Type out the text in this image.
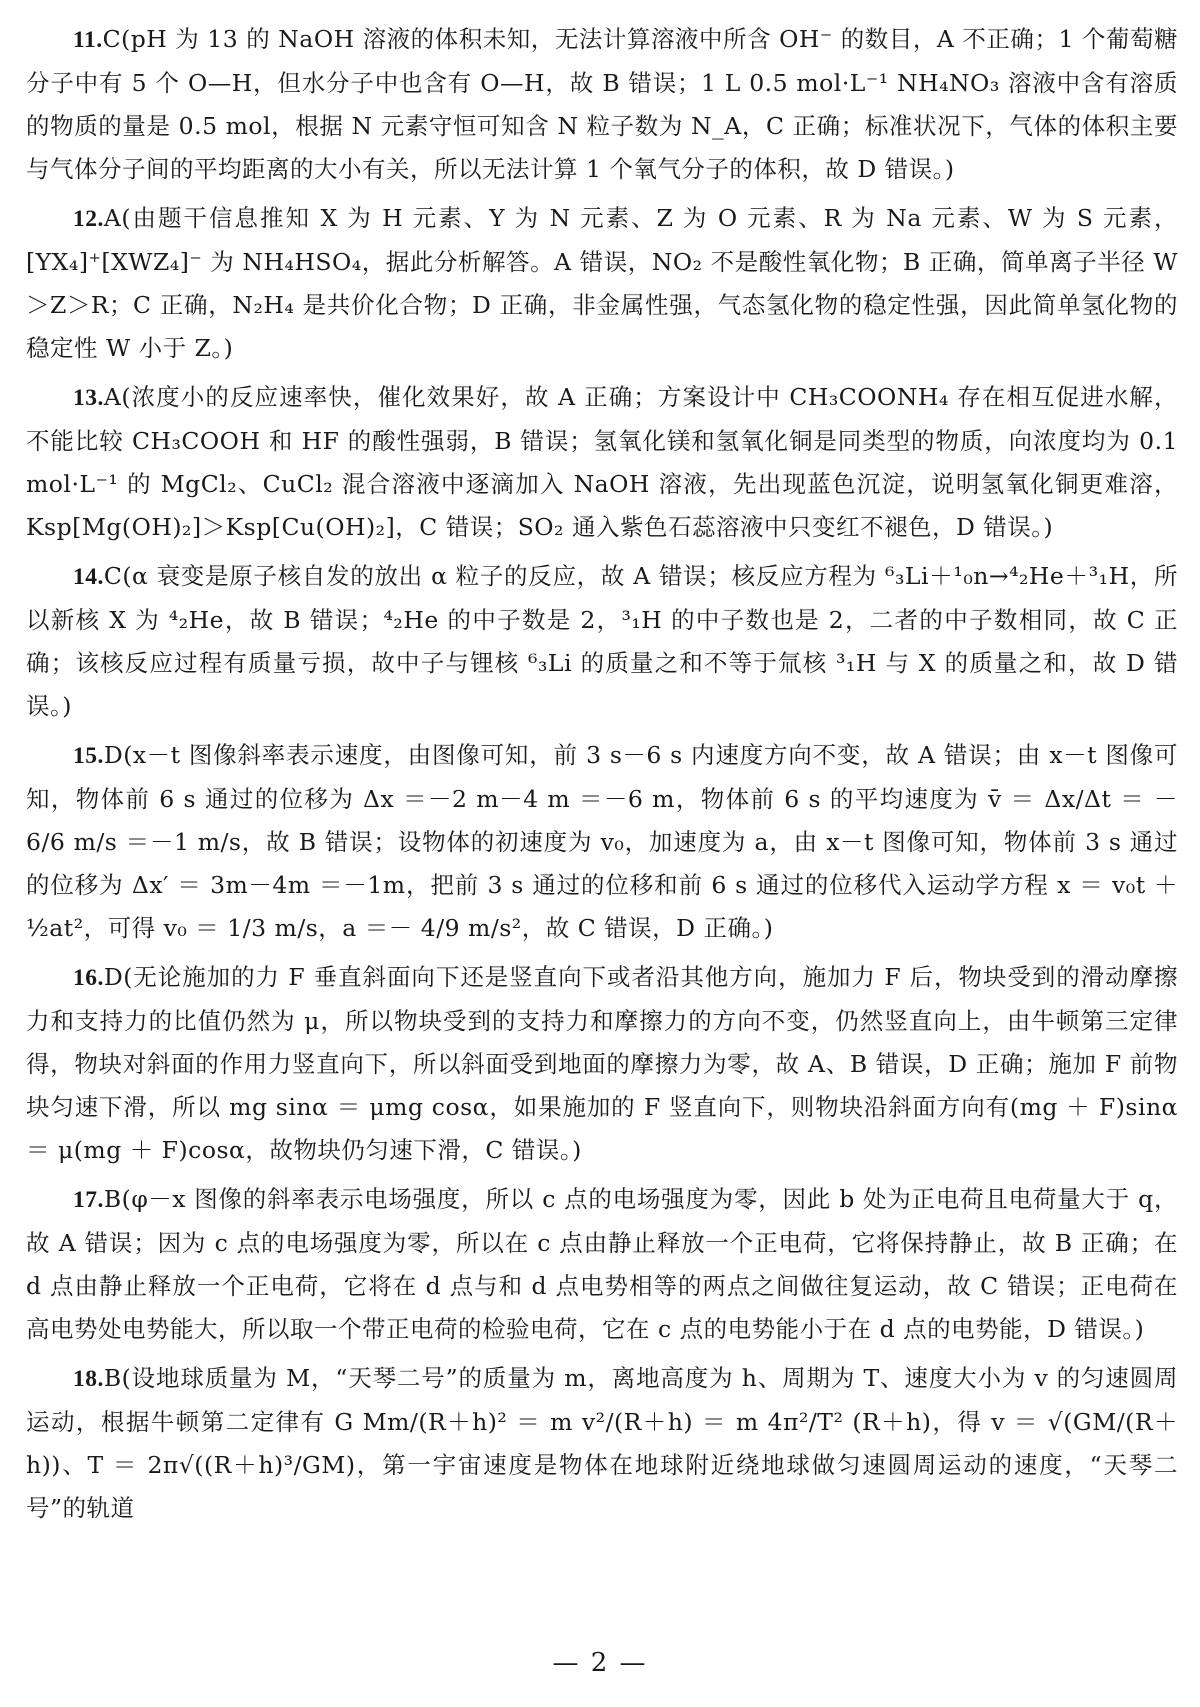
11.C(pH 为 13 的 NaOH 溶液的体积未知，无法计算溶液中所含 OH⁻ 的数目，A 不正确；1 个葡萄糖分子中有 5 个 O—H，但水分子中也含有 O—H，故 B 错误；1 L 0.5 mol·L⁻¹ NH₄NO₃ 溶液中含有溶质的物质的量是 0.5 mol，根据 N 元素守恒可知含 N 粒子数为 N_A，C 正确；标准状况下，气体的体积主要与气体分子间的平均距离的大小有关，所以无法计算 1 个氧气分子的体积，故 D 错误。)

12.A(由题干信息推知 X 为 H 元素、Y 为 N 元素、Z 为 O 元素、R 为 Na 元素、W 为 S 元素，[YX₄]⁺[XWZ₄]⁻ 为 NH₄HSO₄，据此分析解答。A 错误，NO₂ 不是酸性氧化物；B 正确，简单离子半径 W＞Z＞R；C 正确，N₂H₄ 是共价化合物；D 正确，非金属性强，气态氢化物的稳定性强，因此简单氢化物的稳定性 W 小于 Z。)

13.A(浓度小的反应速率快，催化效果好，故 A 正确；方案设计中 CH₃COONH₄ 存在相互促进水解，不能比较 CH₃COOH 和 HF 的酸性强弱，B 错误；氢氧化镁和氢氧化铜是同类型的物质，向浓度均为 0.1 mol·L⁻¹ 的 MgCl₂、CuCl₂ 混合溶液中逐滴加入 NaOH 溶液，先出现蓝色沉淀，说明氢氧化铜更难溶，Ksp[Mg(OH)₂]＞Ksp[Cu(OH)₂]，C 错误；SO₂ 通入紫色石蕊溶液中只变红不褪色，D 错误。)

14.C(α 衰变是原子核自发的放出 α 粒子的反应，故 A 错误；核反应方程为 ⁶₃Li＋¹₀n→⁴₂He＋³₁H，所以新核 X 为 ⁴₂He，故 B 错误；⁴₂He 的中子数是 2，³₁H 的中子数也是 2，二者的中子数相同，故 C 正确；该核反应过程有质量亏损，故中子与锂核 ⁶₃Li 的质量之和不等于氚核 ³₁H 与 X 的质量之和，故 D 错误。)

15.D(x－t 图像斜率表示速度，由图像可知，前 3 s－6 s 内速度方向不变，故 A 错误；由 x－t 图像可知，物体前 6 s 通过的位移为 Δx ＝－2 m－4 m ＝－6 m，物体前 6 s 的平均速度为 v̄ ＝ Δx/Δt ＝ －6/6 m/s ＝－1 m/s，故 B 错误；设物体的初速度为 v₀，加速度为 a，由 x－t 图像可知，物体前 3 s 通过的位移为 Δx′ ＝ 3m－4m ＝－1m，把前 3 s 通过的位移和前 6 s 通过的位移代入运动学方程 x ＝ v₀t ＋ ½at²，可得 v₀ ＝ 1/3 m/s，a ＝－ 4/9 m/s²，故 C 错误，D 正确。)

16.D(无论施加的力 F 垂直斜面向下还是竖直向下或者沿其他方向，施加力 F 后，物块受到的滑动摩擦力和支持力的比值仍然为 μ，所以物块受到的支持力和摩擦力的方向不变，仍然竖直向上，由牛顿第三定律得，物块对斜面的作用力竖直向下，所以斜面受到地面的摩擦力为零，故 A、B 错误，D 正确；施加 F 前物块匀速下滑，所以 mg sinα ＝ μmg cosα，如果施加的 F 竖直向下，则物块沿斜面方向有(mg ＋ F)sinα ＝ μ(mg ＋ F)cosα，故物块仍匀速下滑，C 错误。)

17.B(φ－x 图像的斜率表示电场强度，所以 c 点的电场强度为零，因此 b 处为正电荷且电荷量大于 q，故 A 错误；因为 c 点的电场强度为零，所以在 c 点由静止释放一个正电荷，它将保持静止，故 B 正确；在 d 点由静止释放一个正电荷，它将在 d 点与和 d 点电势相等的两点之间做往复运动，故 C 错误；正电荷在高电势处电势能大，所以取一个带正电荷的检验电荷，它在 c 点的电势能小于在 d 点的电势能，D 错误。)

18.B(设地球质量为 M，“天琴二号”的质量为 m，离地高度为 h、周期为 T、速度大小为 v 的匀速圆周运动，根据牛顿第二定律有 G Mm/(R＋h)² ＝ m v²/(R＋h) ＝ m 4π²/T² (R＋h)，得 v ＝ √(GM/(R＋h))、T ＝ 2π√((R＋h)³/GM)，第一宇宙速度是物体在地球附近绕地球做匀速圆周运动的速度，“天琴二号”的轨道

— 2 —
